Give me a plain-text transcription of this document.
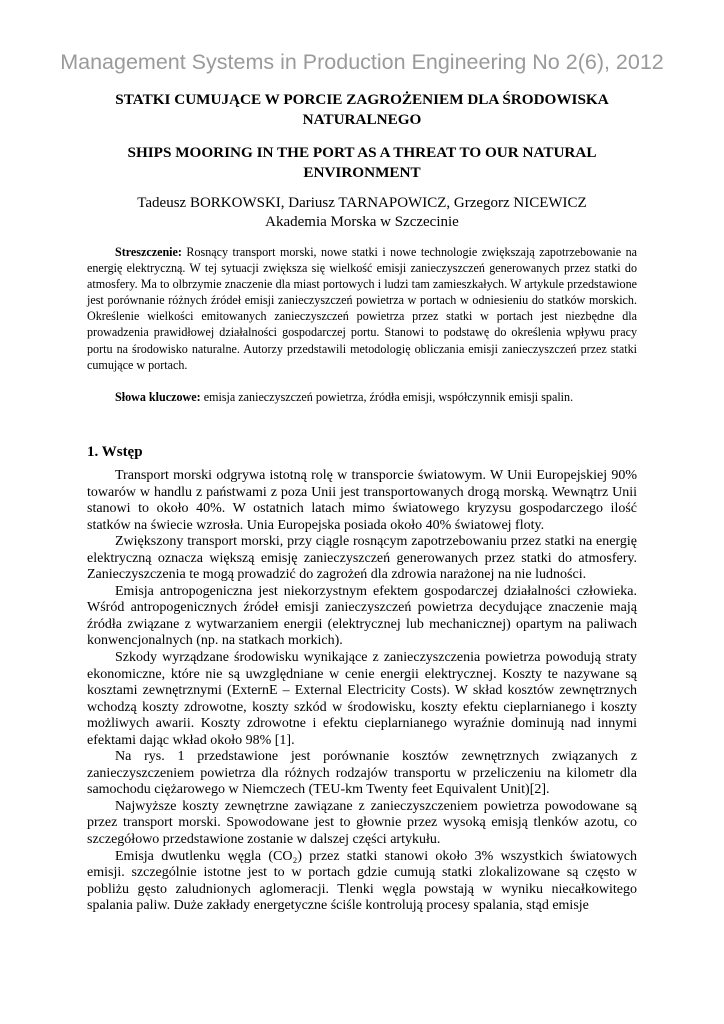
Management Systems in Production Engineering No 2(6), 2012
STATKI CUMUJĄCE W PORCIE ZAGROŻENIEM DLA ŚRODOWISKA NATURALNEGO
SHIPS MOORING IN THE PORT AS A THREAT TO OUR NATURAL ENVIRONMENT
Tadeusz BORKOWSKI, Dariusz TARNAPOWICZ, Grzegorz NICEWICZ
Akademia Morska w Szczecinie

Streszczenie: Rosnący transport morski, nowe statki i nowe technologie zwiększają zapotrzebowanie na energię elektryczną. W tej sytuacji zwiększa się wielkość emisji zanieczyszczeń generowanych przez statki do atmosfery. Ma to olbrzymie znaczenie dla miast portowych i ludzi tam zamieszkałych. W artykule przedstawione jest porównanie różnych źródeł emisji zanieczyszczeń powietrza w portach w odniesieniu do statków morskich. Określenie wielkości emitowanych zanieczyszczeń powietrza przez statki w portach jest niezbędne dla prowadzenia prawidłowej działalności gospodarczej portu. Stanowi to podstawę do określenia wpływu pracy portu na środowisko naturalne. Autorzy przedstawili metodologię obliczania emisji zanieczyszczeń przez statki cumujące w portach.

Słowa kluczowe: emisja zanieczyszczeń powietrza, źródła emisji, współczynnik emisji spalin.

1. Wstęp

Transport morski odgrywa istotną rolę w transporcie światowym. W Unii Europejskiej 90% towarów w handlu z państwami z poza Unii jest transportowanych drogą morską. Wewnątrz Unii stanowi to około 40%. W ostatnich latach mimo światowego kryzysu gospodarczego ilość statków na świecie wzrosła. Unia Europejska posiada około 40% światowej floty.

Zwiększony transport morski, przy ciągle rosnącym zapotrzebowaniu przez statki na energię elektryczną oznacza większą emisję zanieczyszczeń generowanych przez statki do atmosfery. Zanieczyszczenia te mogą prowadzić do zagrożeń dla zdrowia narażonej na nie ludności.

Emisja antropogeniczna jest niekorzystnym efektem gospodarczej działalności człowieka. Wśród antropogenicznych źródeł emisji zanieczyszczeń powietrza decydujące znaczenie mają źródła związane z wytwarzaniem energii (elektrycznej lub mechanicznej) opartym na paliwach konwencjonalnych (np. na statkach morkich).

Szkody wyrządzane środowisku wynikające z zanieczyszczenia powietrza powodują straty ekonomiczne, które nie są uwzględniane w cenie energii elektrycznej. Koszty te nazywane są kosztami zewnętrznymi (ExternE – External Electricity Costs). W skład kosztów zewnętrznych wchodzą koszty zdrowotne, koszty szkód w środowisku, koszty efektu cieplarnianego i koszty możliwych awarii. Koszty zdrowotne i efektu cieplarnianego wyraźnie dominują nad innymi efektami dając wkład około 98% [1].

Na rys. 1 przedstawione jest porównanie kosztów zewnętrznych związanych z zanieczyszczeniem powietrza dla różnych rodzajów transportu w przeliczeniu na kilometr dla samochodu ciężarowego w Niemczech (TEU-km Twenty feet Equivalent Unit)[2].

Najwyższe koszty zewnętrzne zawiązane z zanieczyszczeniem powietrza powodowane są przez transport morski. Spowodowane jest to głownie przez wysoką emisją tlenków azotu, co szczegółowo przedstawione zostanie w dalszej części artykułu.

Emisja dwutlenku węgla (CO₂) przez statki stanowi około 3% wszystkich światowych emisji. szczególnie istotne jest to w portach gdzie cumują statki zlokalizowane są często w pobliżu gęsto zaludnionych aglomeracji. Tlenki węgla powstają w wyniku niecałkowitego spalania paliw. Duże zakłady energetyczne ściśle kontrolują procesy spalania, stąd emisje
